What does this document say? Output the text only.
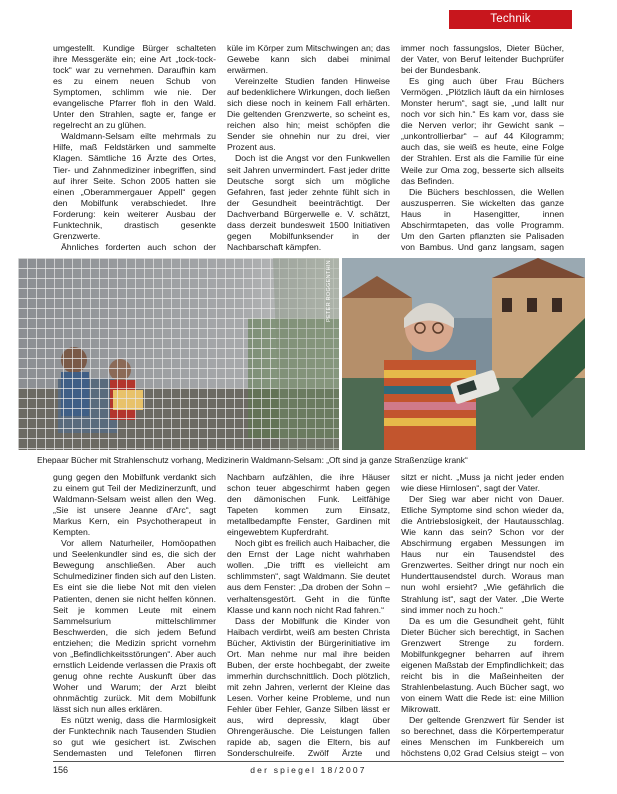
Technik

umgestellt. Kundige Bürger schalteten ihre Messgeräte ein; eine Art „tock-tock-tock“ war zu vernehmen. Daraufhin kam es zu einem neuen Schub von Symptomen, schlimm wie nie. Der evangelische Pfarrer floh in den Wald. Unter den Strahlen, sagte er, fange er regelrecht an zu glühen.

Waldmann-Selsam eilte mehrmals zu Hilfe, maß Feldstärken und sammelte Klagen. Sämtliche 16 Ärzte des Ortes, Tier- und Zahnmediziner inbegriffen, sind auf ihrer Seite. Schon 2005 hatten sie einen „Oberammergauer Appell“ gegen den Mobilfunk verabschiedet. Ihre Forderung: kein weiterer Ausbau der Funktechnik, drastisch gesenkte Grenzwerte.

Ähnliches forderten auch schon der

küle im Körper zum Mitschwingen an; das Gewebe kann sich dabei minimal erwärmen.

Vereinzelte Studien fanden Hinweise auf bedenklichere Wirkungen, doch ließen sich diese noch in keinem Fall erhärten. Die geltenden Grenzwerte, so scheint es, reichen also hin; meist schöpfen die Sender sie ohnehin nur zu drei, vier Prozent aus.

Doch ist die Angst vor den Funkwellen seit Jahren unvermindert. Fast jeder dritte Deutsche sorgt sich um mögliche Gefahren, fast jeder zehnte fühlt sich in der Gesundheit beeinträchtigt. Der Dachverband Bürgerwelle e. V. schätzt, dass derzeit bundesweit 1500 Initiativen gegen Mobilfunksender in der Nachbarschaft kämpfen.

immer noch fassungslos, Dieter Bücher, der Vater, von Beruf leitender Buchprüfer bei der Bundesbank.

Es ging auch über Frau Büchers Vermögen. „Plötzlich läuft da ein hirnloses Monster herum“, sagt sie, „und lallt nur noch vor sich hin.“ Es kam vor, dass sie die Nerven verlor; ihr Gewicht sank – „unkontrollierbar“ – auf 44 Kilogramm; auch das, sie weiß es heute, eine Folge der Strahlen. Erst als die Familie für eine Weile zur Oma zog, besserte sich allseits das Befinden.

Die Büchers beschlossen, die Wellen auszusperren. Sie wickelten das ganze Haus in Hasengitter, innen Abschirmtapeten, das volle Programm. Um den Garten pflanzten sie Palisaden von Bambus. Und ganz langsam, sagen

PETER ROGGENTHIN / DER SPIEGEL
Ehepaar Bücher mit Strahlenschutz vorhang, Medizinerin Waldmann-Selsam: „Oft sind ja ganze Straßenzüge krank“

gung gegen den Mobilfunk verdankt sich zu einem gut Teil der Medizinerzunft, und Waldmann-Selsam weist allen den Weg. „Sie ist unsere Jeanne d'Arc“, sagt Markus Kern, ein Psychotherapeut in Kempten.

Vor allem Naturheiler, Homöopathen und Seelenkundler sind es, die sich der Bewegung anschließen. Aber auch Schulmediziner finden sich auf den Listen. Es eint sie die liebe Not mit den vielen Patienten, denen sie nicht helfen können. Seit je kommen Leute mit einem Sammelsurium mittelschlimmer Beschwerden, die sich jedem Befund entziehen; die Medizin spricht vornehm von „Befindlichkeitsstörungen“. Aber auch ernstlich Leidende verlassen die Praxis oft genug ohne rechte Auskunft über das Woher und Warum; der Arzt bleibt ohnmächtig zurück. Mit dem Mobilfunk lässt sich nun alles erklären.

Es nützt wenig, dass die Harmlosigkeit der Funktechnik nach Tausenden Studien so gut wie gesichert ist. Zwischen Sendemasten und Telefonen flirren

Nachbarn aufzählen, die ihre Häuser schon teuer abgeschirmt haben gegen den dämonischen Funk. Leitfähige Tapeten kommen zum Einsatz, metallbedampfte Fenster, Gardinen mit eingewebtem Kupferdraht.

Noch gibt es freilich auch Haibacher, die den Ernst der Lage nicht wahrhaben wollen. „Die trifft es vielleicht am schlimmsten“, sagt Waldmann. Sie deutet aus dem Fenster: „Da droben der Sohn – verhaltensgestört. Geht in die fünfte Klasse und kann noch nicht Rad fahren.“

Dass der Mobilfunk die Kinder von Haibach verdirbt, weiß am besten Christa Bücher, Aktivistin der Bürgerinitiative im Ort. Man nehme nur mal ihre beiden Buben, der erste hochbegabt, der zweite immerhin durchschnittlich. Doch plötzlich, mit zehn Jahren, verlernt der Kleine das Lesen. Vorher keine Probleme, und nun Fehler über Fehler, Ganze Silben lässt er aus, wird depressiv, klagt über Ohrengeräusche. Die Leistungen fallen rapide ab, sagen die Eltern, bis auf Sonderschulreife. Zwölf Ärzte und

sitzt er nicht. „Muss ja nicht jeder enden wie diese Hirnlosen“, sagt der Vater.

Der Sieg war aber nicht von Dauer. Etliche Symptome sind schon wieder da, die Antriebslosigkeit, der Hautausschlag. Wie kann das sein? Schon vor der Abschirmung ergaben Messungen im Haus nur ein Tausendstel des Grenzwertes. Seither dringt nur noch ein Hunderttausendstel durch. Woraus man nun wohl ersieht? „Wie gefährlich die Strahlung ist“, sagt der Vater. „Die Werte sind immer noch zu hoch.“

Da es um die Gesundheit geht, fühlt Dieter Bücher sich berechtigt, in Sachen Grenzwert Strenge zu fordern. Mobilfunkgegner beharren auf ihrem eigenen Maßstab der Empfindlichkeit; das reicht bis in die Maßeinheiten der Strahlenbelastung. Auch Bücher sagt, wo von einem Watt die Rede ist: eine Million Mikrowatt.

Der geltende Grenzwert für Sender ist so berechnet, dass die Körpertemperatur eines Menschen im Funkbereich um höchstens 0,02 Grad Celsius steigt – von

156	der spiegel 18/2007
